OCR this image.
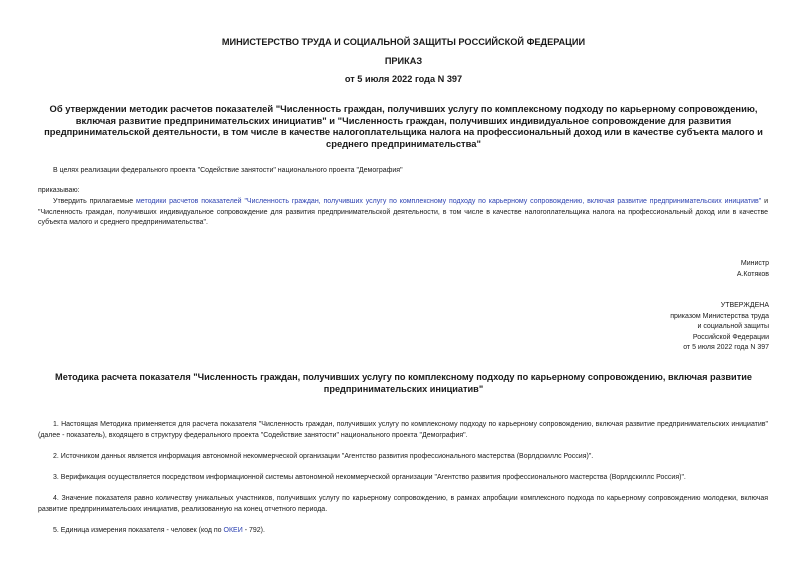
МИНИСТЕРСТВО ТРУДА И СОЦИАЛЬНОЙ ЗАЩИТЫ РОССИЙСКОЙ ФЕДЕРАЦИИ
ПРИКАЗ
от 5 июля 2022 года N 397
Об утверждении методик расчетов показателей "Численность граждан, получивших услугу по комплексному подходу по карьерному сопровождению, включая развитие предпринимательских инициатив" и "Численность граждан, получивших индивидуальное сопровождение для развития предпринимательской деятельности, в том числе в качестве налогоплательщика налога на профессиональный доход или в качестве субъекта малого и среднего предпринимательства"
В целях реализации федерального проекта "Содействие занятости" национального проекта "Демография"
приказываю:
Утвердить прилагаемые методики расчетов показателей "Численность граждан, получивших услугу по комплексному подходу по карьерному сопровождению, включая развитие предпринимательских инициатив" и "Численность граждан, получивших индивидуальное сопровождение для развития предпринимательской деятельности, в том числе в качестве налогоплательщика налога на профессиональный доход или в качестве субъекта малого и среднего предпринимательства".
Министр
А.Котяков
УТВЕРЖДЕНА
приказом Министерства труда
и социальной защиты
Российской Федерации
от 5 июля 2022 года N 397
Методика расчета показателя "Численность граждан, получивших услугу по комплексному подходу по карьерному сопровождению, включая развитие предпринимательских инициатив"
1. Настоящая Методика применяется для расчета показателя "Численность граждан, получивших услугу по комплексному подходу по карьерному сопровождению, включая развитие предпринимательских инициатив" (далее - показатель), входящего в структуру федерального проекта "Содействие занятости" национального проекта "Демография".
2. Источником данных является информация автономной некоммерческой организации "Агентство развития профессионального мастерства (Ворлдскиллс Россия)".
3. Верификация осуществляется посредством информационной системы автономной некоммерческой организации "Агентство развития профессионального мастерства (Ворлдскиллс Россия)".
4. Значение показателя равно количеству уникальных участников, получивших услугу по карьерному сопровождению, в рамках апробации комплексного подхода по карьерному сопровождению молодежи, включая развитие предпринимательских инициатив, реализованную на конец отчетного периода.
5. Единица измерения показателя - человек (код по ОКЕИ - 792).
